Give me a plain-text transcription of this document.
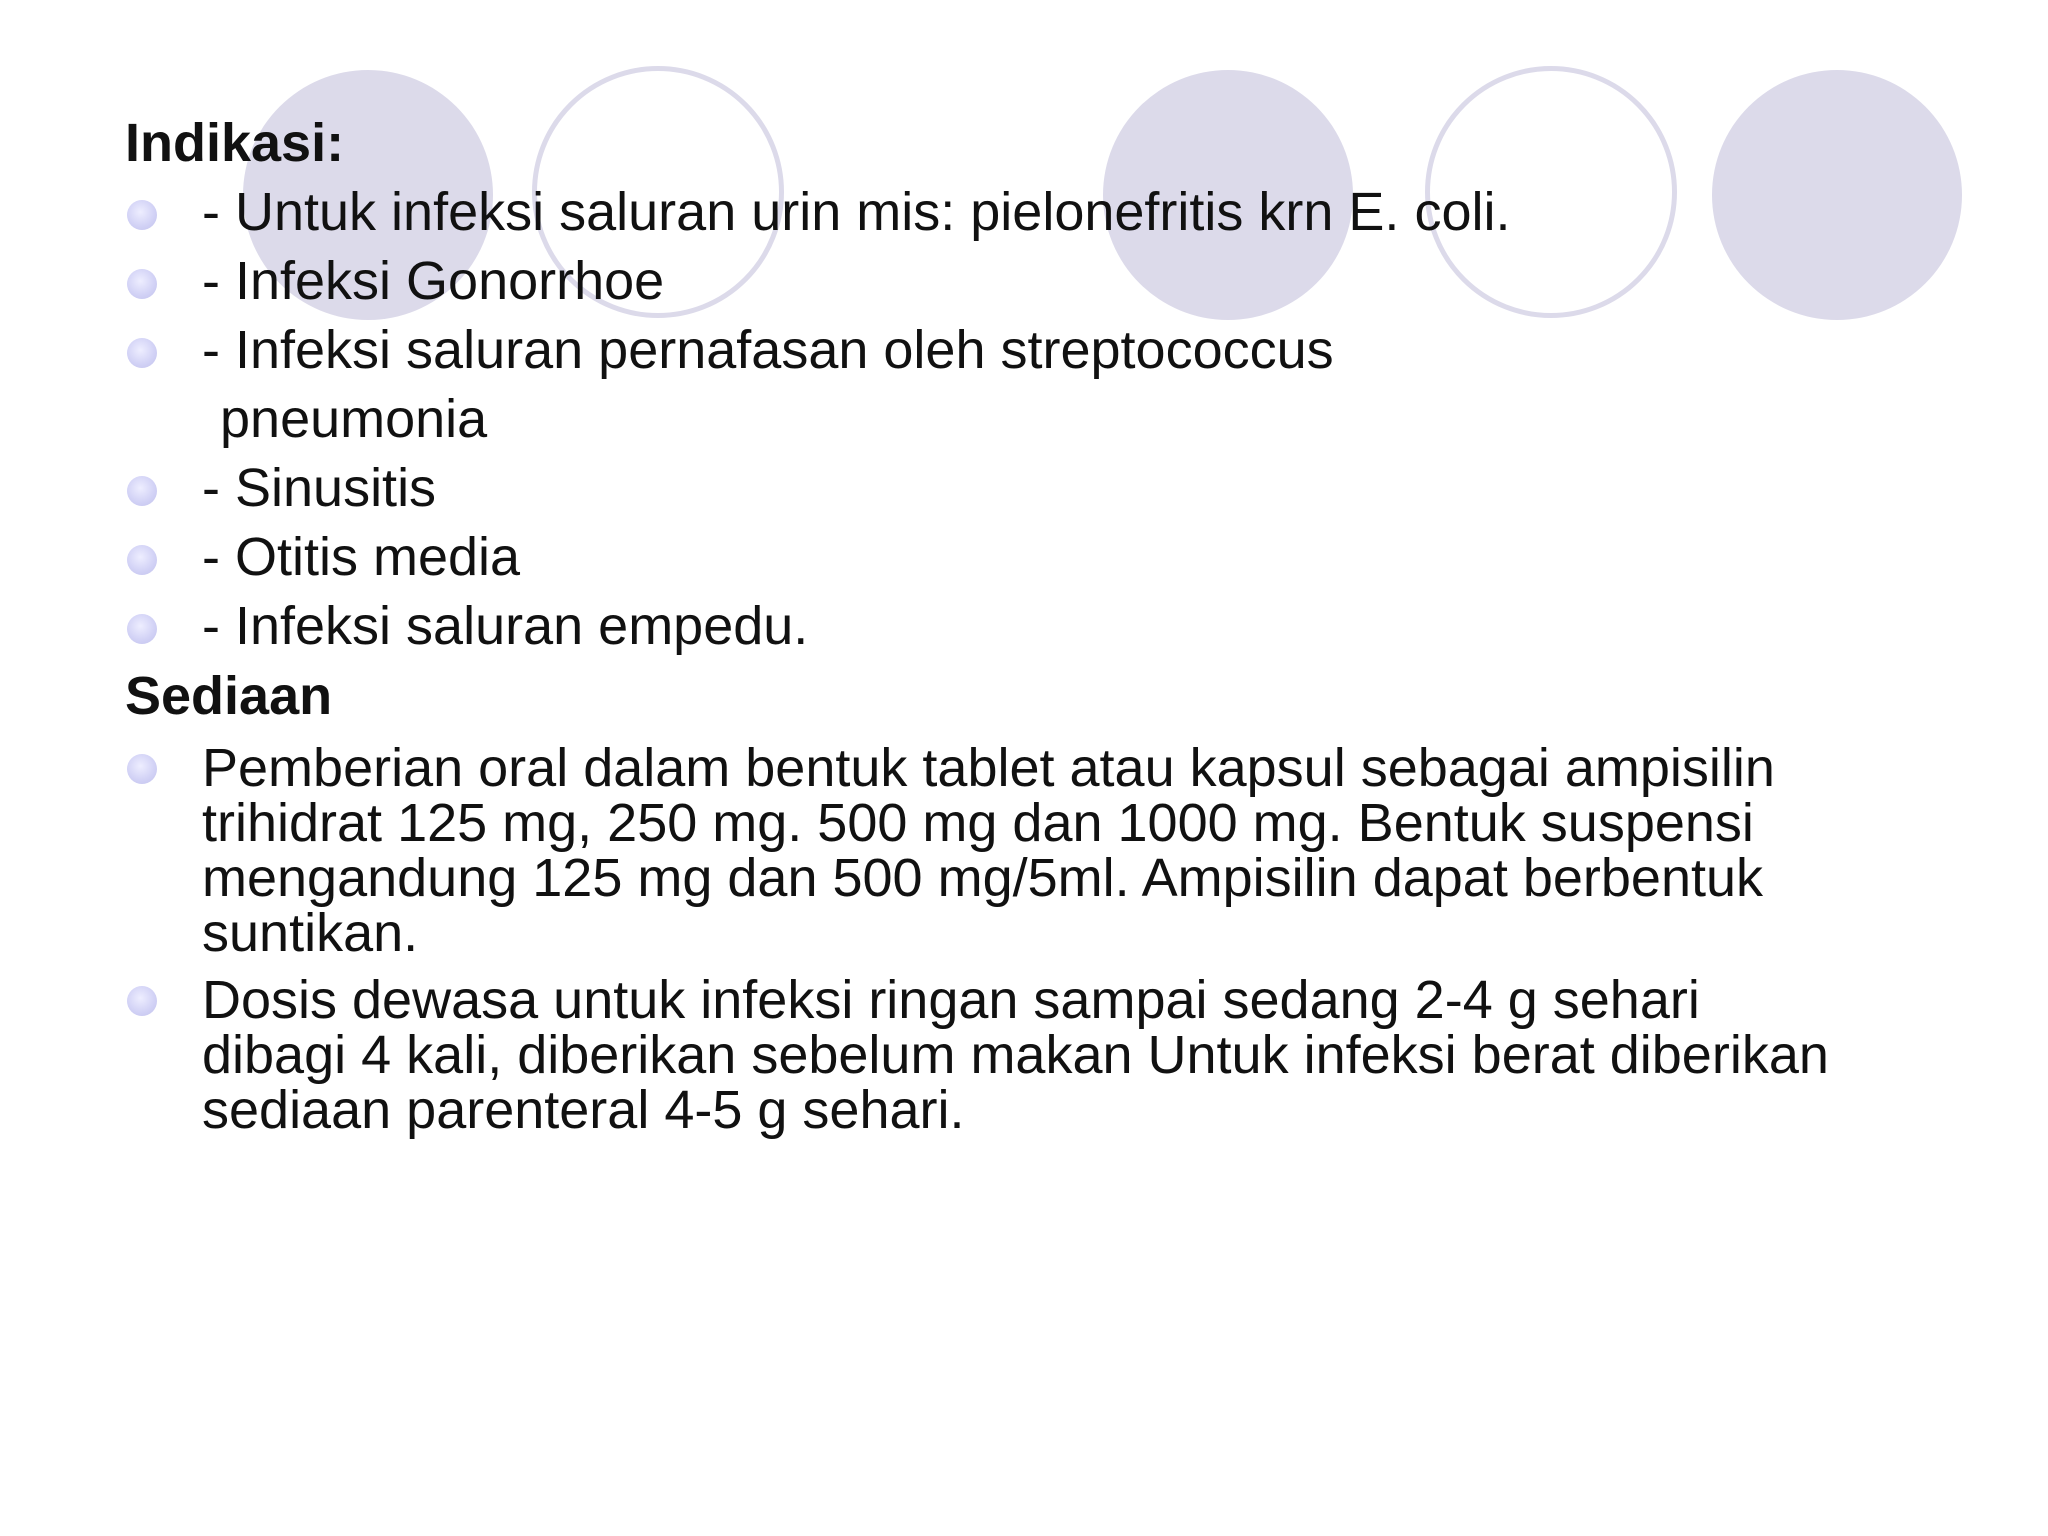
Indikasi:

- Untuk infeksi saluran urin mis: pielonefritis krn E. coli.
- Infeksi Gonorrhoe
- Infeksi saluran pernafasan oleh streptococcus
pneumonia
- Sinusitis
- Otitis media
- Infeksi saluran empedu.

Sediaan

Pemberian oral dalam bentuk tablet atau kapsul sebagai ampisilin
trihidrat 125 mg, 250 mg. 500 mg dan 1000 mg. Bentuk suspensi
mengandung 125 mg dan 500 mg/5ml. Ampisilin dapat berbentuk
suntikan.
Dosis dewasa untuk infeksi ringan sampai sedang 2-4 g sehari
dibagi 4 kali, diberikan sebelum makan Untuk infeksi berat diberikan
sediaan parenteral 4-5 g sehari.
